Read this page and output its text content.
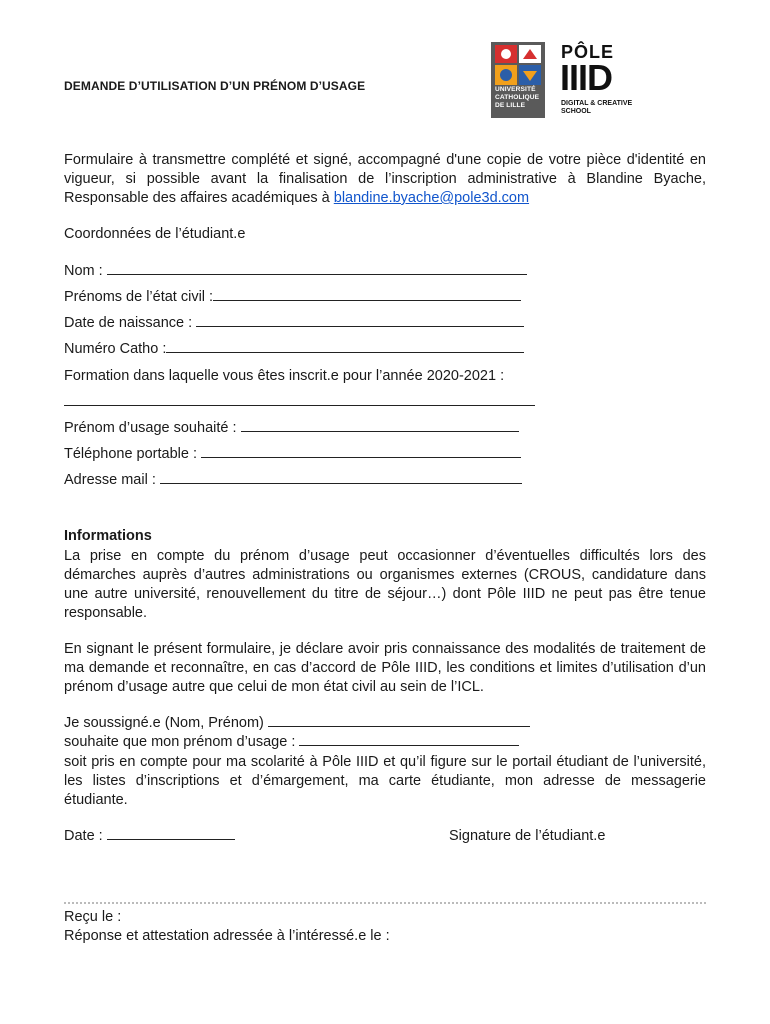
DEMANDE D’UTILISATION D’UN PRÉNOM D’USAGE	UNIVERSITÉ
CATHOLIQUE
DE LILLE
PÔLE
IIID
DIGITAL & CREATIVE
SCHOOL
Formulaire à transmettre complété et signé, accompagné d'une copie de votre pièce d'identité en vigueur, si possible avant la finalisation de l’inscription administrative à Blandine Byache, Responsable des affaires académiques à blandine.byache@pole3d.com
Coordonnées de l’étudiant.e
Nom :
Prénoms de l’état civil :
Date de naissance :
Numéro Catho :
Formation dans laquelle vous êtes inscrit.e pour l’année 2020-2021 :
Prénom d’usage souhaité :
Téléphone portable :
Adresse mail :
Informations
La prise en compte du prénom d’usage peut occasionner d’éventuelles difficultés lors des démarches auprès d’autres administrations ou organismes externes (CROUS, candidature dans une autre université, renouvellement du titre de séjour…) dont Pôle IIID ne peut pas être tenue responsable.
En signant le présent formulaire, je déclare avoir pris connaissance des modalités de traitement de ma demande et reconnaître, en cas d’accord de Pôle IIID, les conditions et limites d’utilisation d’un prénom d’usage autre que celui de mon état civil au sein de l’ICL.
Je soussigné.e (Nom, Prénom)
souhaite que mon prénom d’usage :
soit pris en compte pour ma scolarité à Pôle IIID et qu’il figure sur le portail étudiant de l’université, les listes d’inscriptions et d’émargement, ma carte étudiante, mon adresse de messagerie étudiante.
Date :	Signature de l’étudiant.e
Reçu le :
Réponse et attestation adressée à l’intéressé.e le :
